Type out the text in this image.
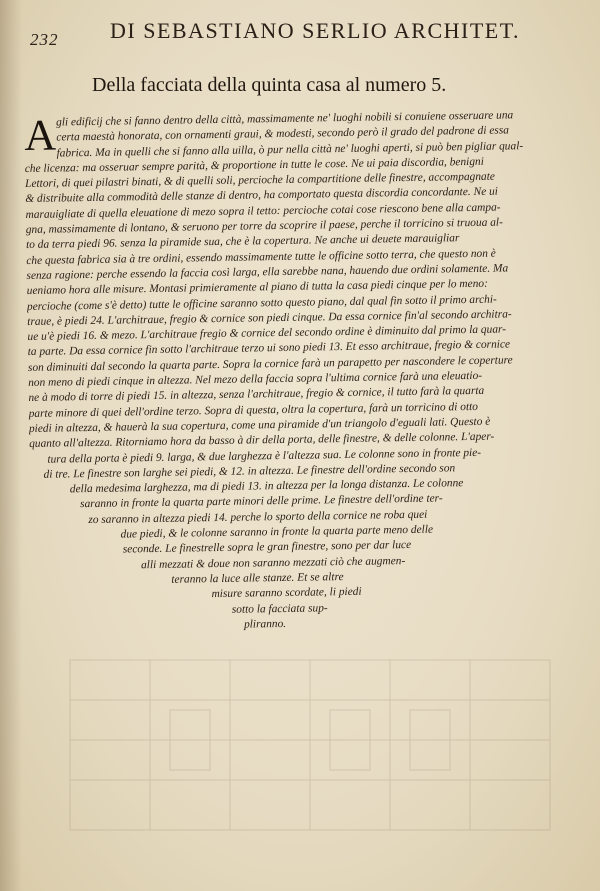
232 DI SEBASTIANO SERLIO ARCHITET.
Della facciata della quinta casa al numero 5.
A gli edificij che si fanno dentro della città, massimamente ne' luoghi nobili si conuiene osseruare una
certa maestà honorata, con ornamenti graui, & modesti, secondo però il grado del padrone di essa
fabrica. Ma in quelli che si fanno alla uilla, ò pur nella città ne' luoghi aperti, si può ben pigliar qual-
che licenza: ma osseruar sempre parità, & proportione in tutte le cose. Ne ui paia discordia, benigni
Lettori, di quei pilastri binati, & di quelli soli, percioche la compartitione delle finestre, accompagnate
& distribuite alla commodità delle stanze di dentro, ha comportato questa discordia concordante. Ne ui
marauigliate di quella eleuatione di mezo sopra il tetto: percioche cotai cose riescono bene alla campa-
gna, massimamente di lontano, & seruono per torre da scoprire il paese, perche il torricino si truoua al-
to da terra piedi 96. senza la piramide sua, che è la copertura. Ne anche ui deuete marauigliar
che questa fabrica sia à tre ordini, essendo massimamente tutte le officine sotto terra, che questo non è
senza ragione: perche essendo la faccia così larga, ella sarebbe nana, hauendo due ordini solamente. Ma
ueniamo hora alle misure. Montasi primieramente al piano di tutta la casa piedi cinque per lo meno:
percioche (come s'è detto) tutte le officine saranno sotto questo piano, dal qual fin sotto il primo archi-
traue, è piedi 24. L'architraue, fregio & cornice son piedi cinque. Da essa cornice fin'al secondo architra-
ue u'è piedi 16. & mezo. L'architraue fregio & cornice del secondo ordine è diminuito dal primo la quar-
ta parte. Da essa cornice fin sotto l'architraue terzo ui sono piedi 13. Et esso architraue, fregio & cornice
son diminuiti dal secondo la quarta parte. Sopra la cornice farà un parapetto per nascondere le coperture
non meno di piedi cinque in altezza. Nel mezo della faccia sopra l'ultima cornice farà una eleuatio-
ne à modo di torre di piedi 15. in altezza, senza l'architraue, fregio & cornice, il tutto farà la quarta
parte minore di quei dell'ordine terzo. Sopra di questa, oltra la copertura, farà un torricino di otto
piedi in altezza, & hauerà la sua copertura, come una piramide d'un triangolo d'eguali lati. Questo è
quanto all'altezza. Ritorniamo hora da basso à dir della porta, delle finestre, & delle colonne. L'aper-
tura della porta è piedi 9. larga, & due larghezza è l'altezza sua. Le colonne sono in fronte pie-
di tre. Le finestre son larghe sei piedi, & 12. in altezza. Le finestre dell'ordine secondo son
della medesima larghezza, ma di piedi 13. in altezza per la longa distanza. Le colonne
saranno in fronte la quarta parte minori delle prime. Le finestre dell'ordine ter-
zo saranno in altezza piedi 14. perche lo sporto della cornice ne roba quei
due piedi, & le colonne saranno in fronte la quarta parte meno delle
seconde. Le finestrelle sopra le gran finestre, sono per dar luce
alli mezzati & doue non saranno mezzati ciò che augmen-
teranno la luce alle stanze. Et se altre
misure saranno scordate, li piedi
sotto la facciata sup-
pliranno.
